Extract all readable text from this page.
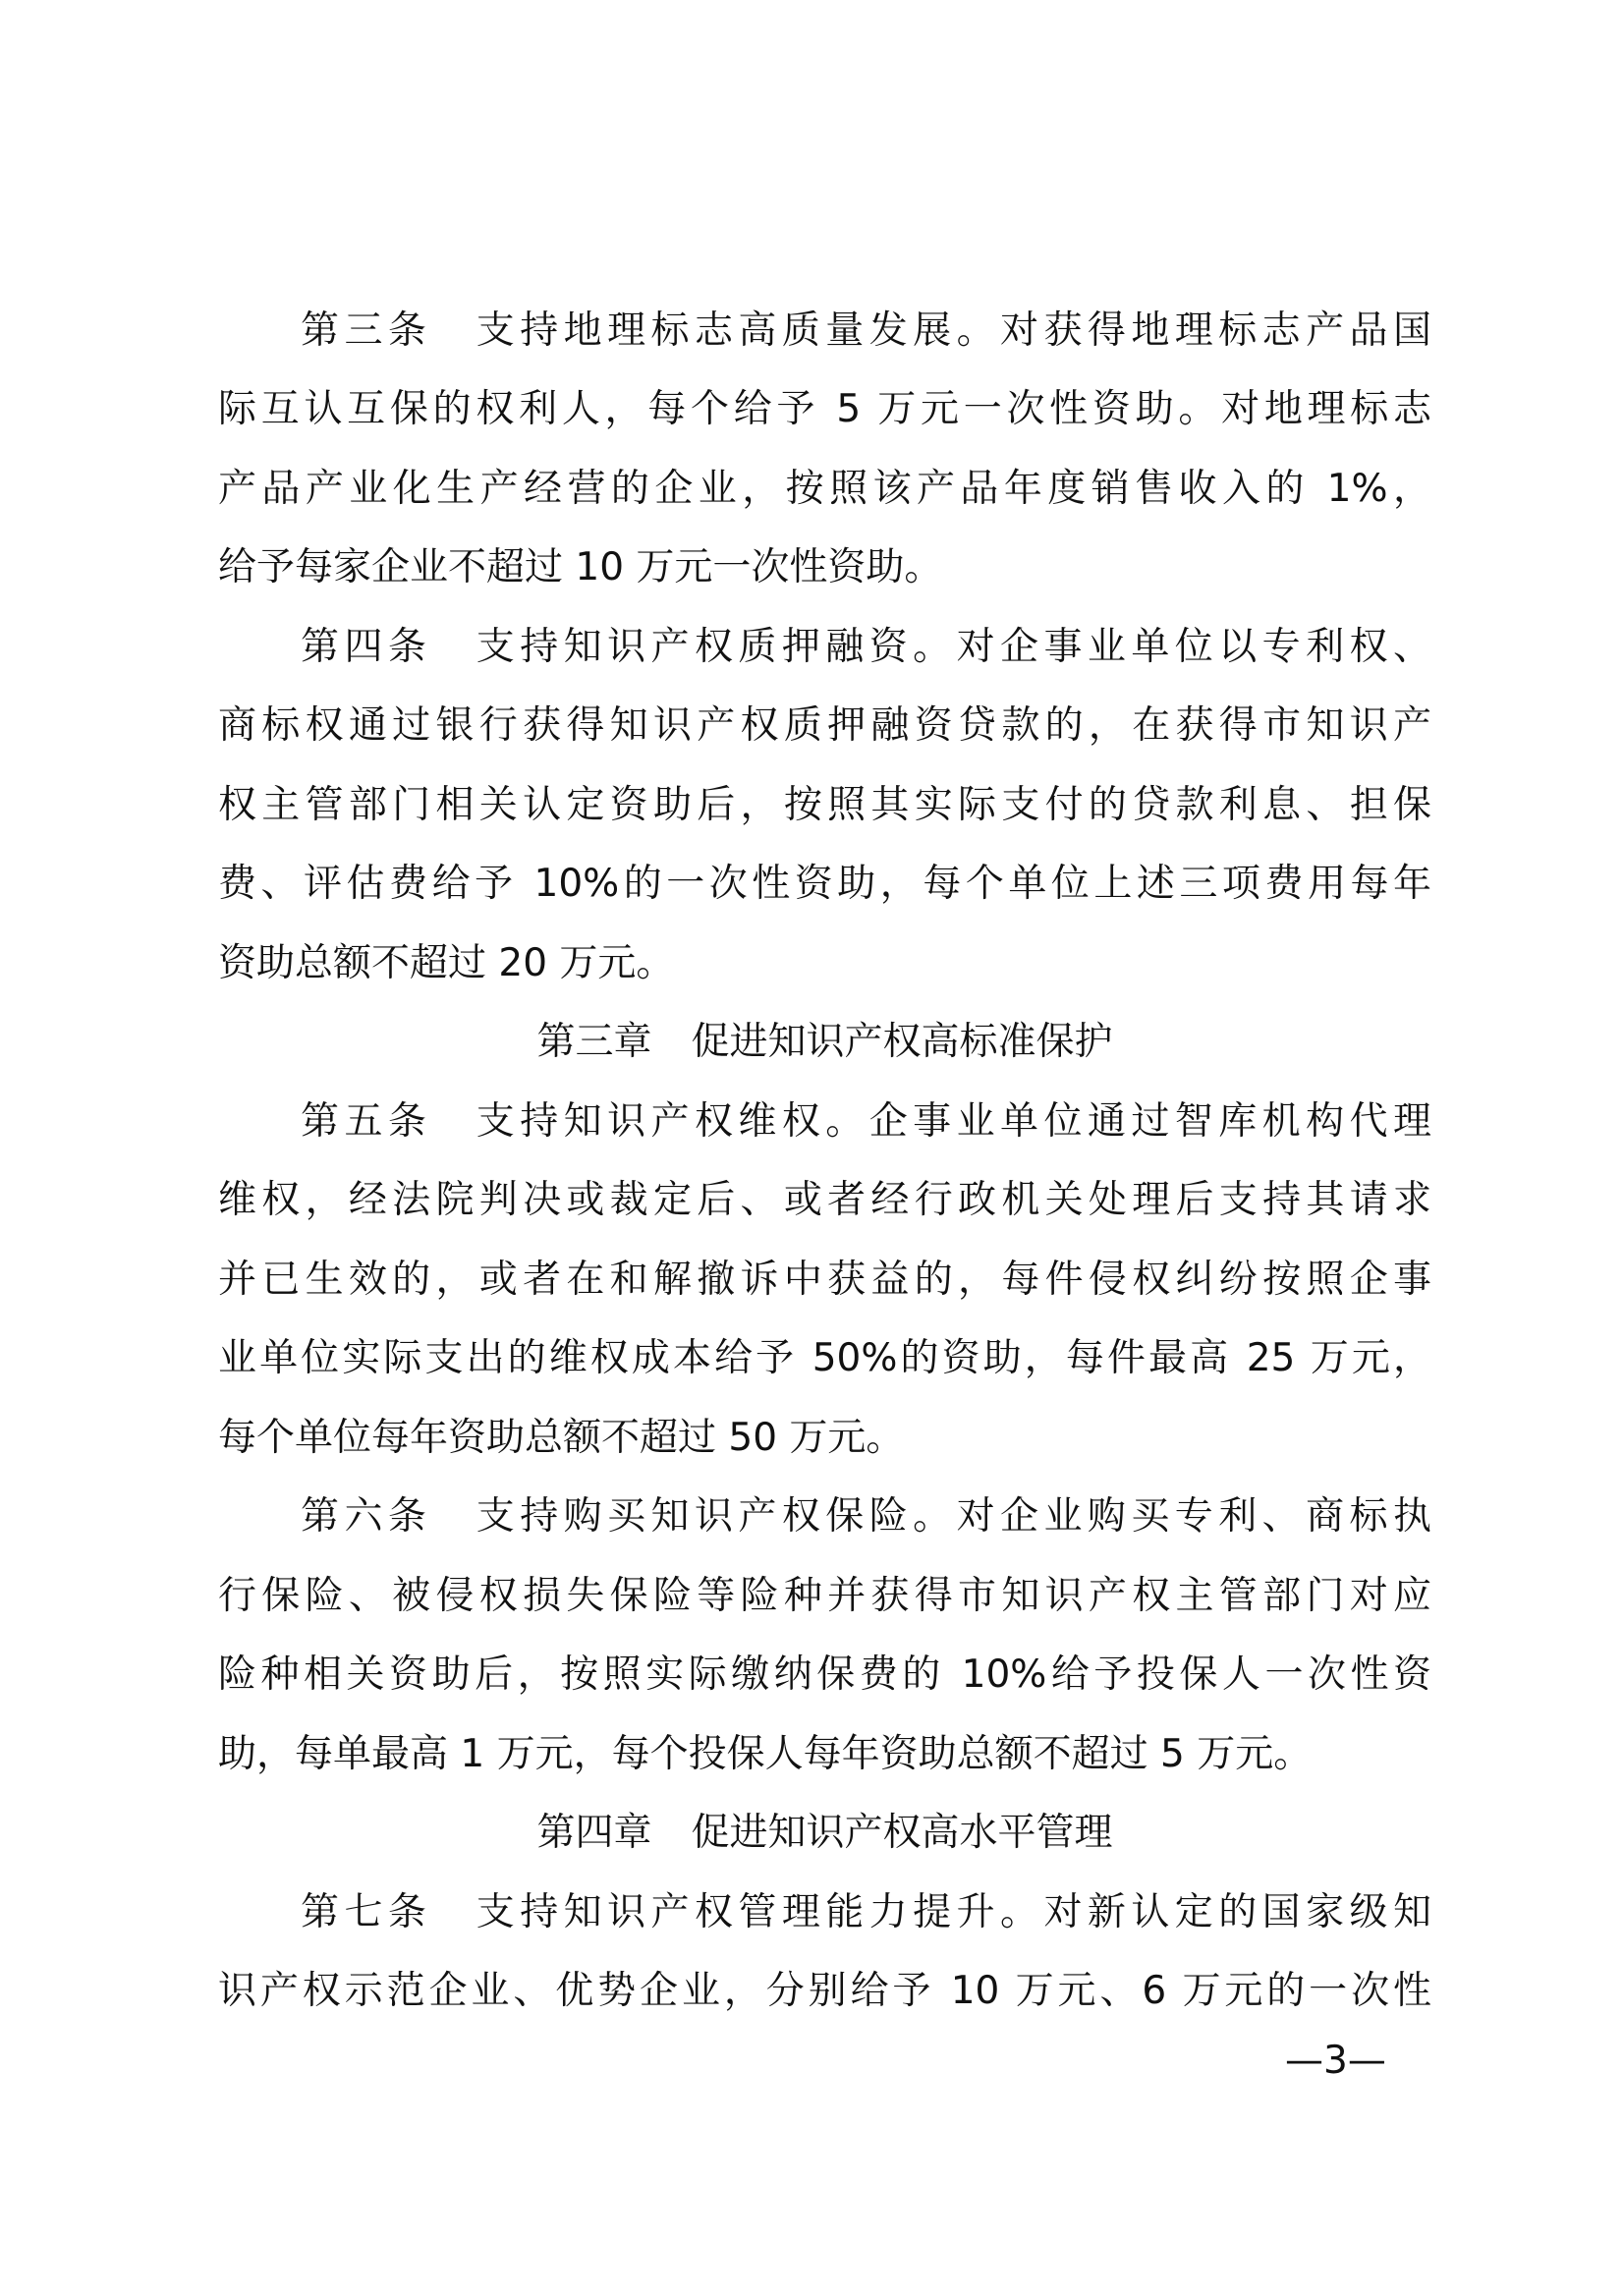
第三条 支持地理标志高质量发展。对获得地理标志产品国
际互认互保的权利人，每个给予 5 万元一次性资助。对地理标志
产品产业化生产经营的企业，按照该产品年度销售收入的 1%，
给予每家企业不超过 10 万元一次性资助。
第四条 支持知识产权质押融资。对企事业单位以专利权、
商标权通过银行获得知识产权质押融资贷款的，在获得市知识产
权主管部门相关认定资助后，按照其实际支付的贷款利息、担保
费、评估费给予 10%的一次性资助，每个单位上述三项费用每年
资助总额不超过 20 万元。
第三章 促进知识产权高标准保护
第五条 支持知识产权维权。企事业单位通过智库机构代理
维权，经法院判决或裁定后、或者经行政机关处理后支持其请求
并已生效的，或者在和解撤诉中获益的，每件侵权纠纷按照企事
业单位实际支出的维权成本给予 50%的资助，每件最高 25 万元，
每个单位每年资助总额不超过 50 万元。
第六条 支持购买知识产权保险。对企业购买专利、商标执
行保险、被侵权损失保险等险种并获得市知识产权主管部门对应
险种相关资助后，按照实际缴纳保费的 10%给予投保人一次性资
助，每单最高 1 万元，每个投保人每年资助总额不超过 5 万元。
第四章 促进知识产权高水平管理
第七条 支持知识产权管理能力提升。对新认定的国家级知
识产权示范企业、优势企业，分别给予 10 万元、6 万元的一次性
—3—
